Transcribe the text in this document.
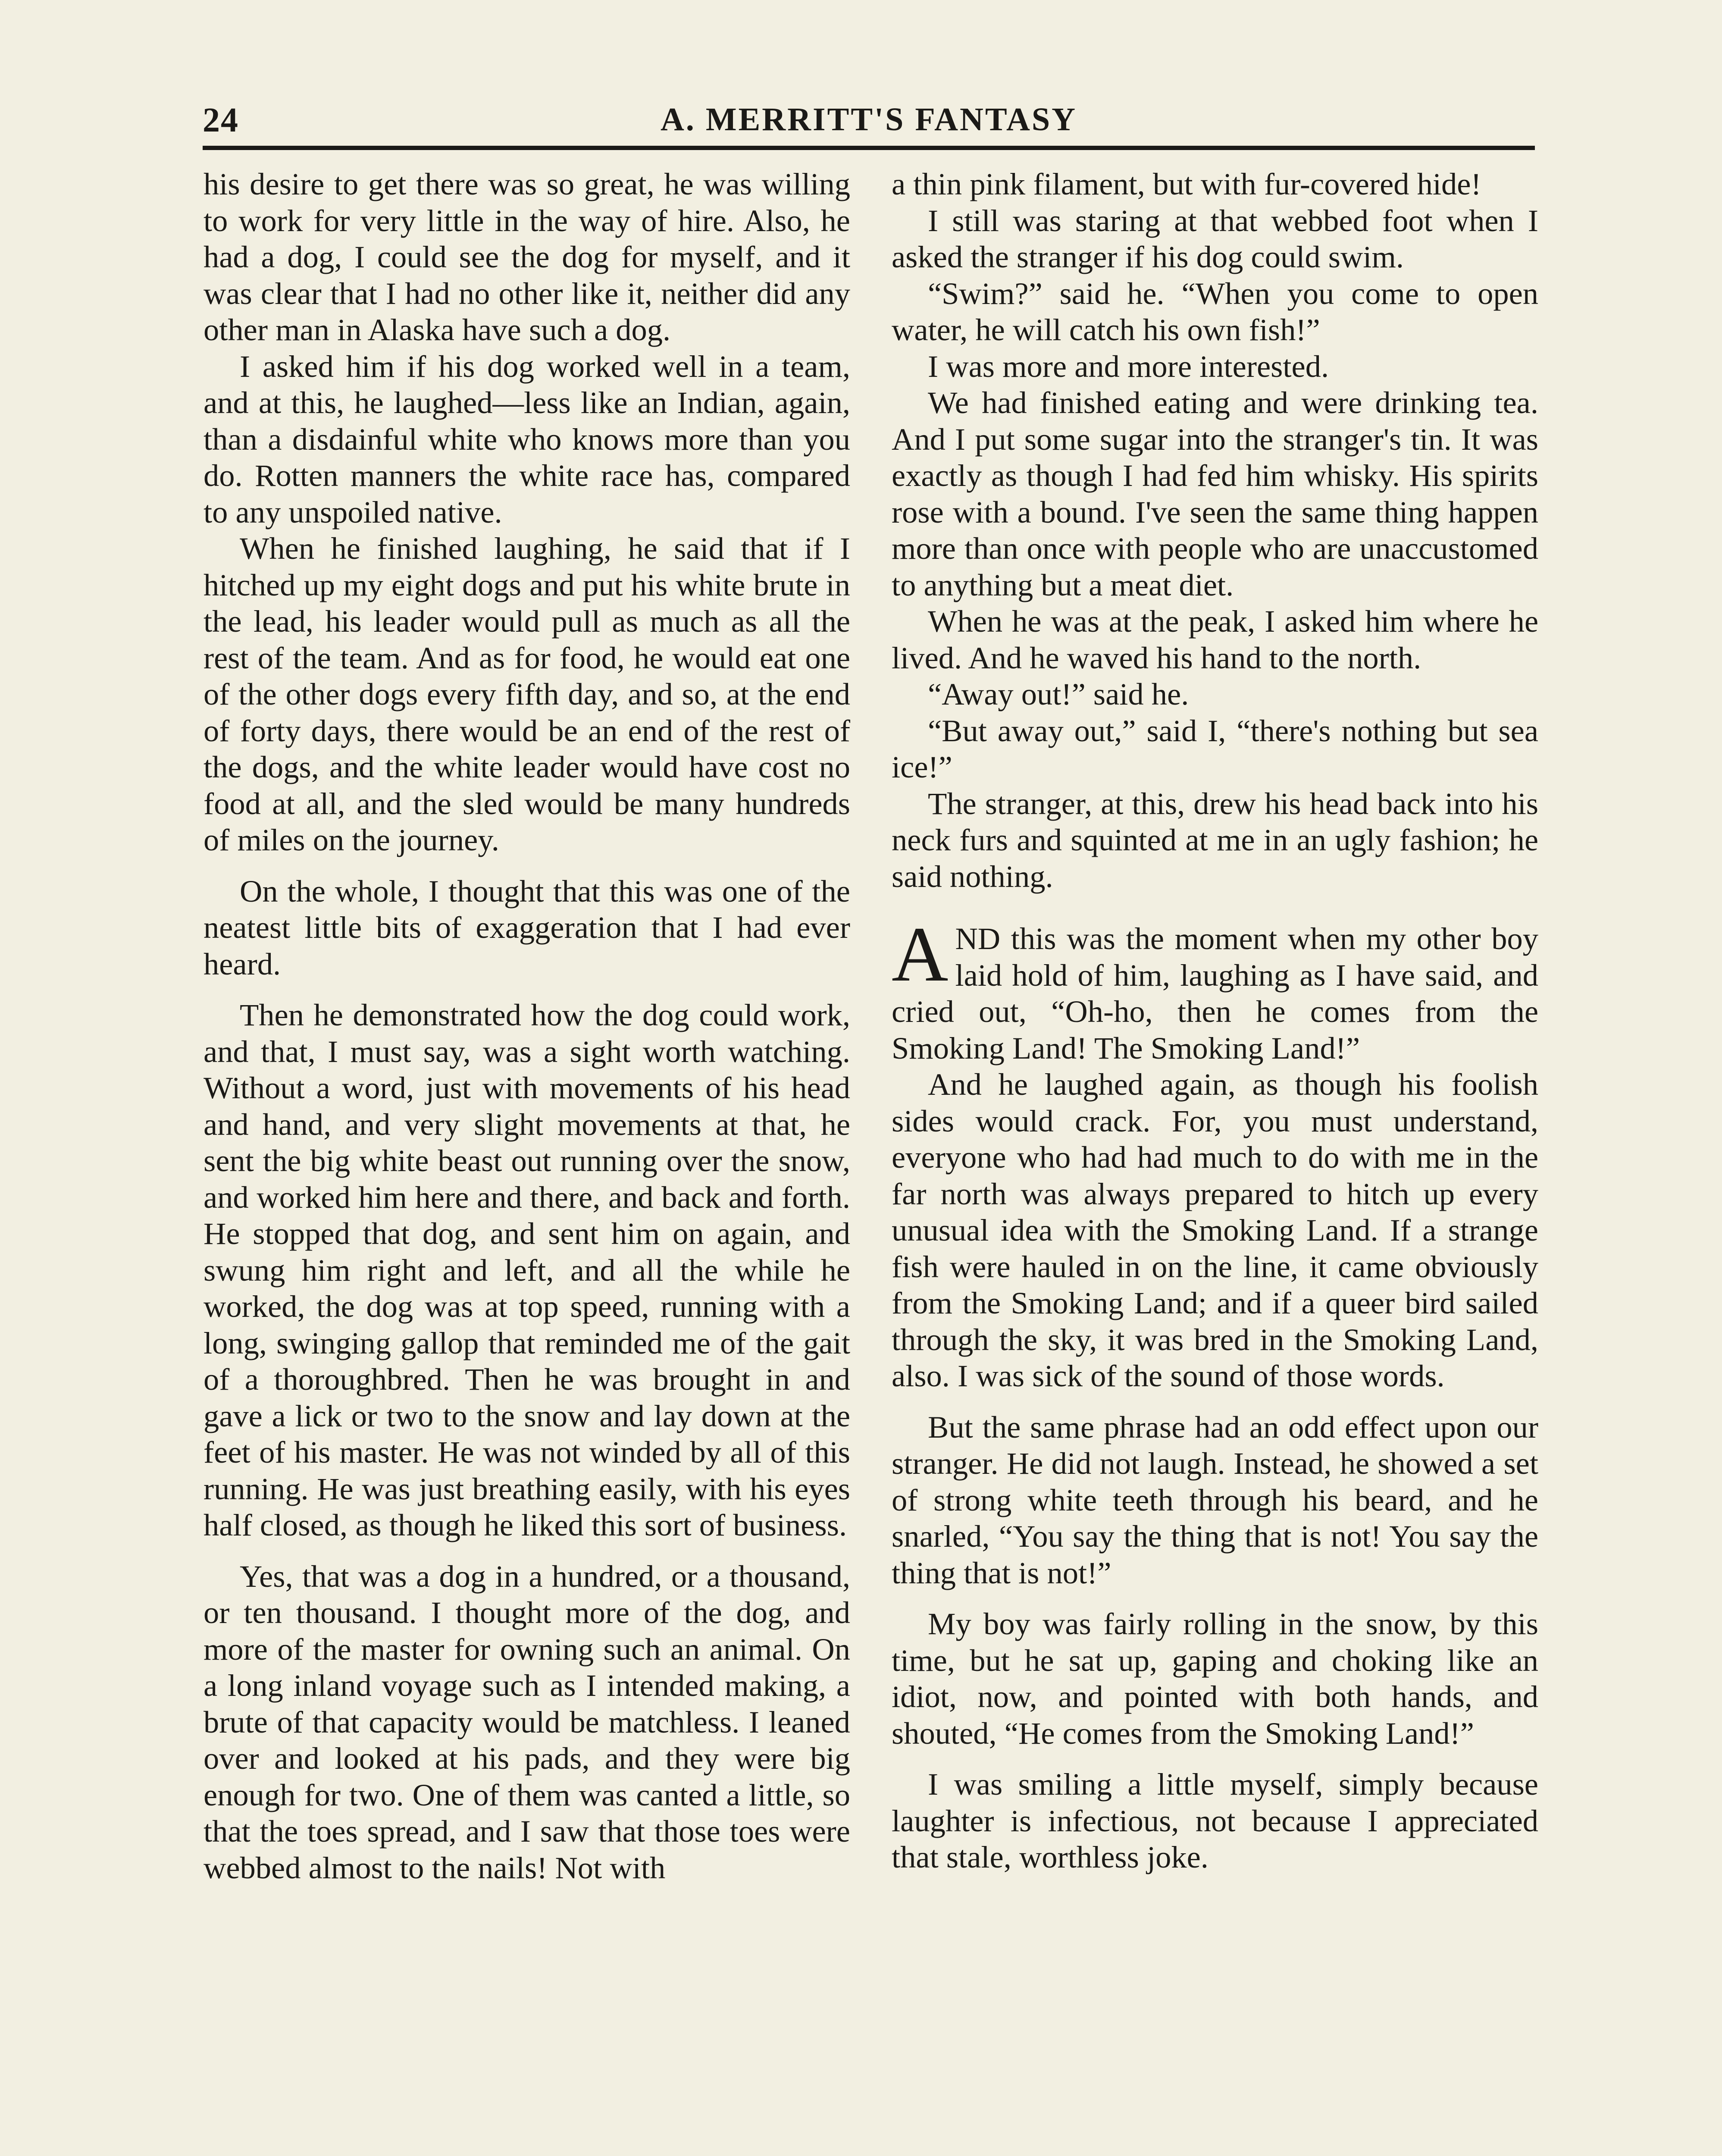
24	A. MERRITT'S FANTASY

his desire to get there was so great, he was willing to work for very little in the way of hire. Also, he had a dog, I could see the dog for myself, and it was clear that I had no other like it, neither did any other man in Alaska have such a dog.

I asked him if his dog worked well in a team, and at this, he laughed—less like an Indian, again, than a disdainful white who knows more than you do. Rotten manners the white race has, compared to any unspoiled native.

When he finished laughing, he said that if I hitched up my eight dogs and put his white brute in the lead, his leader would pull as much as all the rest of the team. And as for food, he would eat one of the other dogs every fifth day, and so, at the end of forty days, there would be an end of the rest of the dogs, and the white leader would have cost no food at all, and the sled would be many hundreds of miles on the journey.

On the whole, I thought that this was one of the neatest little bits of exaggeration that I had ever heard.

Then he demonstrated how the dog could work, and that, I must say, was a sight worth watching. Without a word, just with movements of his head and hand, and very slight movements at that, he sent the big white beast out running over the snow, and worked him here and there, and back and forth. He stopped that dog, and sent him on again, and swung him right and left, and all the while he worked, the dog was at top speed, running with a long, swinging gallop that reminded me of the gait of a thoroughbred. Then he was brought in and gave a lick or two to the snow and lay down at the feet of his master. He was not winded by all of this running. He was just breathing easily, with his eyes half closed, as though he liked this sort of business.

Yes, that was a dog in a hundred, or a thousand, or ten thousand. I thought more of the dog, and more of the master for owning such an animal. On a long inland voyage such as I intended making, a brute of that capacity would be matchless. I leaned over and looked at his pads, and they were big enough for two. One of them was canted a little, so that the toes spread, and I saw that those toes were webbed almost to the nails! Not with

a thin pink filament, but with fur-covered hide!

I still was staring at that webbed foot when I asked the stranger if his dog could swim.

“Swim?” said he. “When you come to open water, he will catch his own fish!”

I was more and more interested.

We had finished eating and were drinking tea. And I put some sugar into the stranger's tin. It was exactly as though I had fed him whisky. His spirits rose with a bound. I've seen the same thing happen more than once with people who are unaccustomed to anything but a meat diet.

When he was at the peak, I asked him where he lived. And he waved his hand to the north.

“Away out!” said he.

“But away out,” said I, “there's nothing but sea ice!”

The stranger, at this, drew his head back into his neck furs and squinted at me in an ugly fashion; he said nothing.

AND this was the moment when my other boy laid hold of him, laughing as I have said, and cried out, “Oh-ho, then he comes from the Smoking Land! The Smoking Land!”

And he laughed again, as though his foolish sides would crack. For, you must understand, everyone who had had much to do with me in the far north was always prepared to hitch up every unusual idea with the Smoking Land. If a strange fish were hauled in on the line, it came obviously from the Smoking Land; and if a queer bird sailed through the sky, it was bred in the Smoking Land, also. I was sick of the sound of those words.

But the same phrase had an odd effect upon our stranger. He did not laugh. Instead, he showed a set of strong white teeth through his beard, and he snarled, “You say the thing that is not! You say the thing that is not!”

My boy was fairly rolling in the snow, by this time, but he sat up, gaping and choking like an idiot, now, and pointed with both hands, and shouted, “He comes from the Smoking Land!”

I was smiling a little myself, simply because laughter is infectious, not because I appreciated that stale, worthless joke.
